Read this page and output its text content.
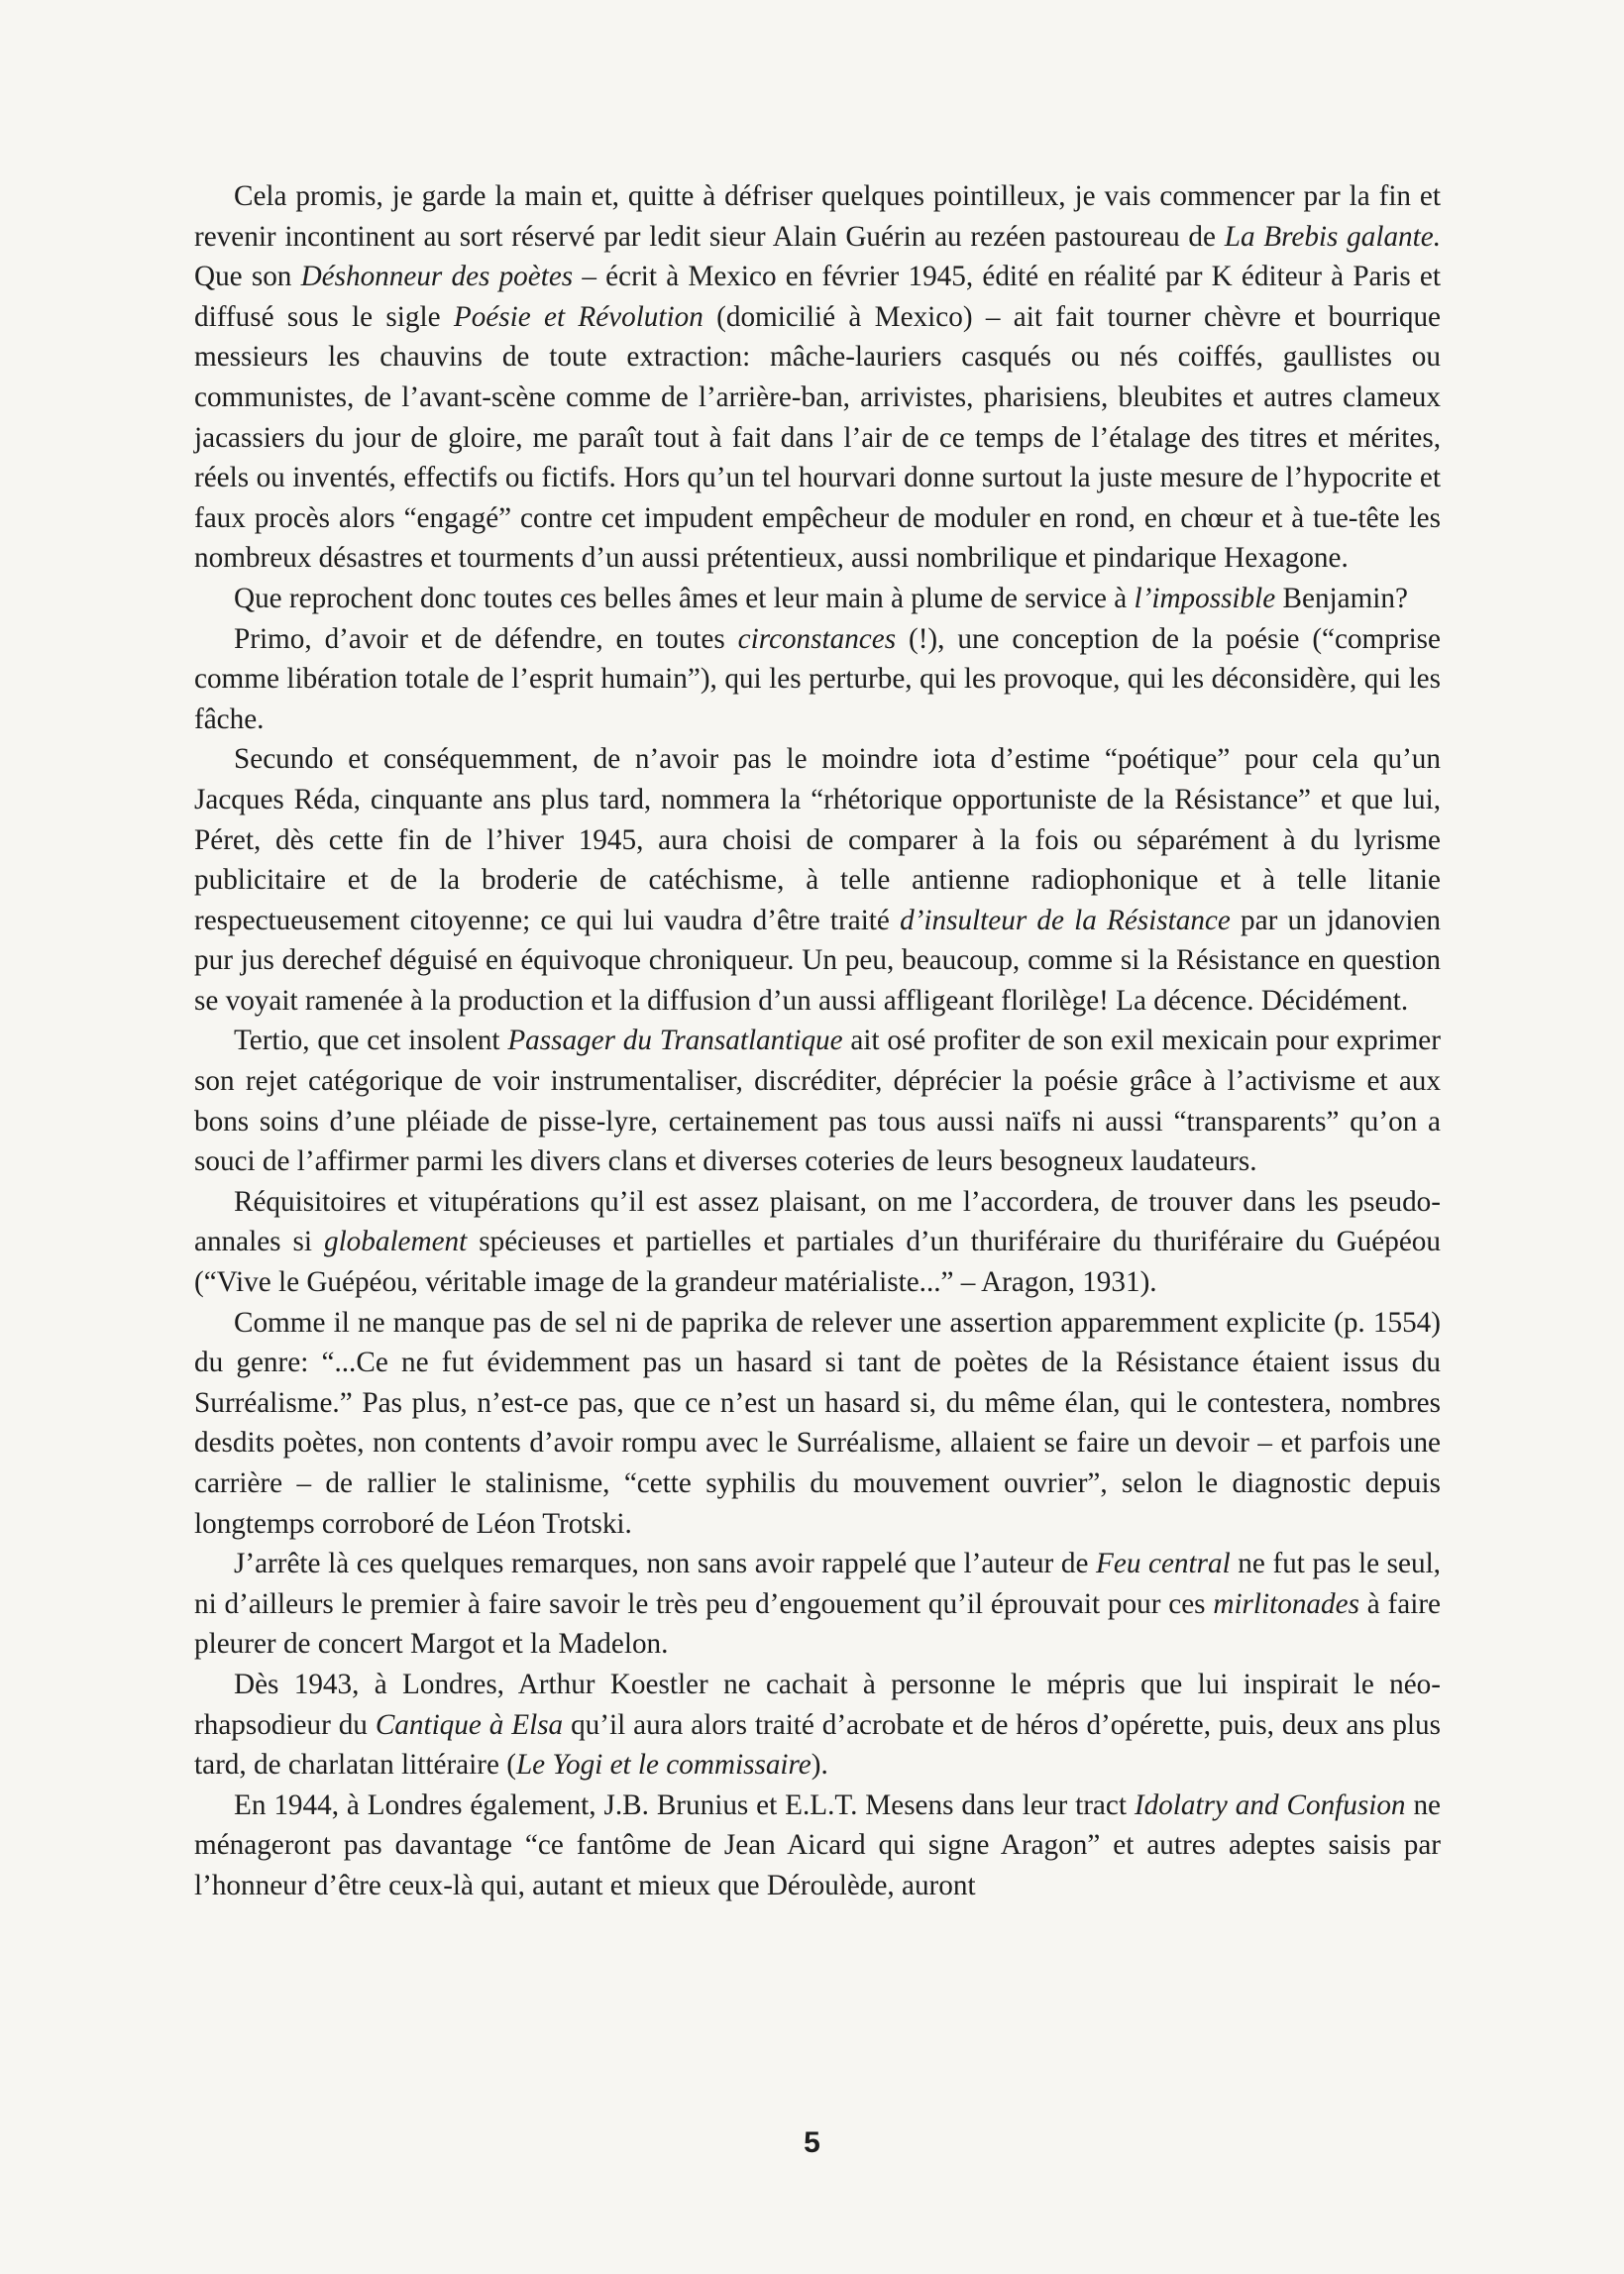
Cela promis, je garde la main et, quitte à défriser quelques pointilleux, je vais commencer par la fin et revenir incontinent au sort réservé par ledit sieur Alain Guérin au rezéen pastoureau de La Brebis galante. Que son Déshonneur des poètes – écrit à Mexico en février 1945, édité en réalité par K éditeur à Paris et diffusé sous le sigle Poésie et Révolution (domicilié à Mexico) – ait fait tourner chèvre et bourrique messieurs les chauvins de toute extraction: mâche-lauriers casqués ou nés coiffés, gaullistes ou communistes, de l’avant-scène comme de l’arrière-ban, arrivistes, pharisiens, bleubites et autres clameux jacassiers du jour de gloire, me paraît tout à fait dans l’air de ce temps de l’étalage des titres et mérites, réels ou inventés, effectifs ou fictifs. Hors qu’un tel hourvari donne surtout la juste mesure de l’hypocrite et faux procès alors “engagé” contre cet impudent empêcheur de moduler en rond, en chœur et à tue-tête les nombreux désastres et tourments d’un aussi prétentieux, aussi nombrilique et pindarique Hexagone.

Que reprochent donc toutes ces belles âmes et leur main à plume de service à l’impossible Benjamin?

Primo, d’avoir et de défendre, en toutes circonstances (!), une conception de la poésie (“comprise comme libération totale de l’esprit humain”), qui les perturbe, qui les provoque, qui les déconsidère, qui les fâche.

Secundo et conséquemment, de n’avoir pas le moindre iota d’estime “poétique” pour cela qu’un Jacques Réda, cinquante ans plus tard, nommera la “rhétorique opportuniste de la Résistance” et que lui, Péret, dès cette fin de l’hiver 1945, aura choisi de comparer à la fois ou séparément à du lyrisme publicitaire et de la broderie de catéchisme, à telle antienne radiophonique et à telle litanie respectueusement citoyenne; ce qui lui vaudra d’être traité d’insulteur de la Résistance par un jdanovien pur jus derechef déguisé en équivoque chroniqueur. Un peu, beaucoup, comme si la Résistance en question se voyait ramenée à la production et la diffusion d’un aussi affligeant florilège! La décence. Décidément.

Tertio, que cet insolent Passager du Transatlantique ait osé profiter de son exil mexicain pour exprimer son rejet catégorique de voir instrumentaliser, discréditer, déprécier la poésie grâce à l’activisme et aux bons soins d’une pléiade de pisse-lyre, certainement pas tous aussi naïfs ni aussi “transparents” qu’on a souci de l’affirmer parmi les divers clans et diverses coteries de leurs besogneux laudateurs.

Réquisitoires et vitupérations qu’il est assez plaisant, on me l’accordera, de trouver dans les pseudo-annales si globalement spécieuses et partielles et partiales d’un thuriféraire du thuriféraire du Guépéou (“Vive le Guépéou, véritable image de la grandeur matérialiste...” – Aragon, 1931).

Comme il ne manque pas de sel ni de paprika de relever une assertion apparemment explicite (p. 1554) du genre: “...Ce ne fut évidemment pas un hasard si tant de poètes de la Résistance étaient issus du Surréalisme.” Pas plus, n’est-ce pas, que ce n’est un hasard si, du même élan, qui le contestera, nombres desdits poètes, non contents d’avoir rompu avec le Surréalisme, allaient se faire un devoir – et parfois une carrière – de rallier le stalinisme, “cette syphilis du mouvement ouvrier”, selon le diagnostic depuis longtemps corroboré de Léon Trotski.

J’arrête là ces quelques remarques, non sans avoir rappelé que l’auteur de Feu central ne fut pas le seul, ni d’ailleurs le premier à faire savoir le très peu d’engouement qu’il éprouvait pour ces mirlitonades à faire pleurer de concert Margot et la Madelon.

Dès 1943, à Londres, Arthur Koestler ne cachait à personne le mépris que lui inspirait le néo-rhapsodieur du Cantique à Elsa qu’il aura alors traité d’acrobate et de héros d’opérette, puis, deux ans plus tard, de charlatan littéraire (Le Yogi et le commissaire).

En 1944, à Londres également, J.B. Brunius et E.L.T. Mesens dans leur tract Idolatry and Confusion ne ménageront pas davantage “ce fantôme de Jean Aicard qui signe Aragon” et autres adeptes saisis par l’honneur d’être ceux-là qui, autant et mieux que Déroulède, auront

5
